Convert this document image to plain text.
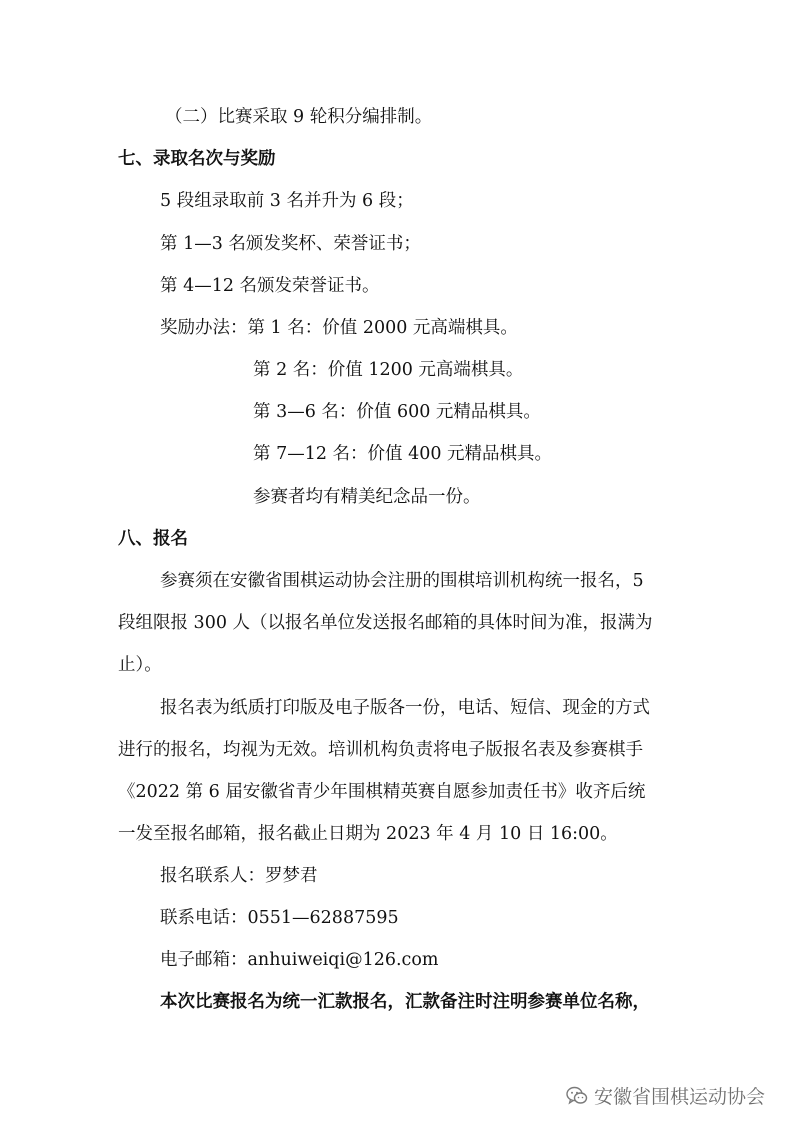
（二）比赛采取 9 轮积分编排制。
七、录取名次与奖励
5 段组录取前 3 名并升为 6 段；
第 1—3 名颁发奖杯、荣誉证书；
第 4—12 名颁发荣誉证书。
奖励办法：第 1 名：价值 2000 元高端棋具。
第 2 名：价值 1200 元高端棋具。
第 3—6 名：价值 600 元精品棋具。
第 7—12 名：价值 400 元精品棋具。
参赛者均有精美纪念品一份。
八、报名
参赛须在安徽省围棋运动协会注册的围棋培训机构统一报名，5
段组限报 300 人（以报名单位发送报名邮箱的具体时间为准，报满为
止）。
报名表为纸质打印版及电子版各一份，电话、短信、现金的方式
进行的报名，均视为无效。培训机构负责将电子版报名表及参赛棋手
《2022 第 6 届安徽省青少年围棋精英赛自愿参加责任书》收齐后统
一发至报名邮箱，报名截止日期为 2023 年 4 月 10 日 16:00。
报名联系人：罗梦君
联系电话：0551—62887595
电子邮箱：anhuiweiqi@126.com
本次比赛报名为统一汇款报名，汇款备注时注明参赛单位名称，
安徽省围棋运动协会
